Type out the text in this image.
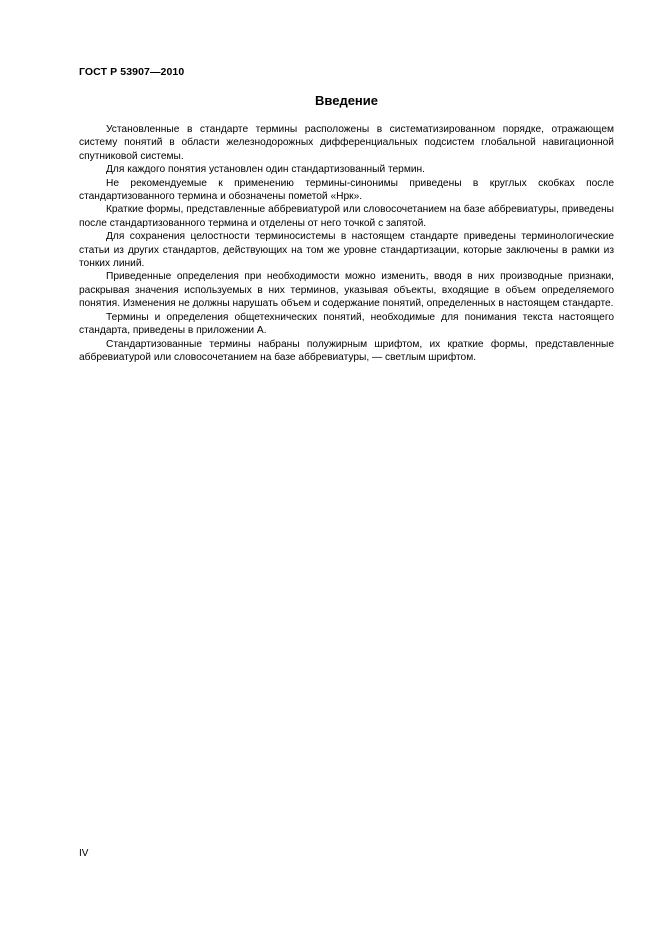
ГОСТ Р 53907—2010
Введение

Установленные в стандарте термины расположены в систематизированном порядке, отражающем систему понятий в области железнодорожных дифференциальных подсистем глобальной навигационной спутниковой системы.

Для каждого понятия установлен один стандартизованный термин.

Не рекомендуемые к применению термины-синонимы приведены в круглых скобках после стандартизованного термина и обозначены пометой «Нрк».

Краткие формы, представленные аббревиатурой или словосочетанием на базе аббревиатуры, приведены после стандартизованного термина и отделены от него точкой с запятой.

Для сохранения целостности терминосистемы в настоящем стандарте приведены терминологические статьи из других стандартов, действующих на том же уровне стандартизации, которые заключены в рамки из тонких линий.

Приведенные определения при необходимости можно изменить, вводя в них производные признаки, раскрывая значения используемых в них терминов, указывая объекты, входящие в объем определяемого понятия. Изменения не должны нарушать объем и содержание понятий, определенных в настоящем стандарте.

Термины и определения общетехнических понятий, необходимые для понимания текста настоящего стандарта, приведены в приложении А.

Стандартизованные термины набраны полужирным шрифтом, их краткие формы, представленные аббревиатурой или словосочетанием на базе аббревиатуры, — светлым шрифтом.

IV
